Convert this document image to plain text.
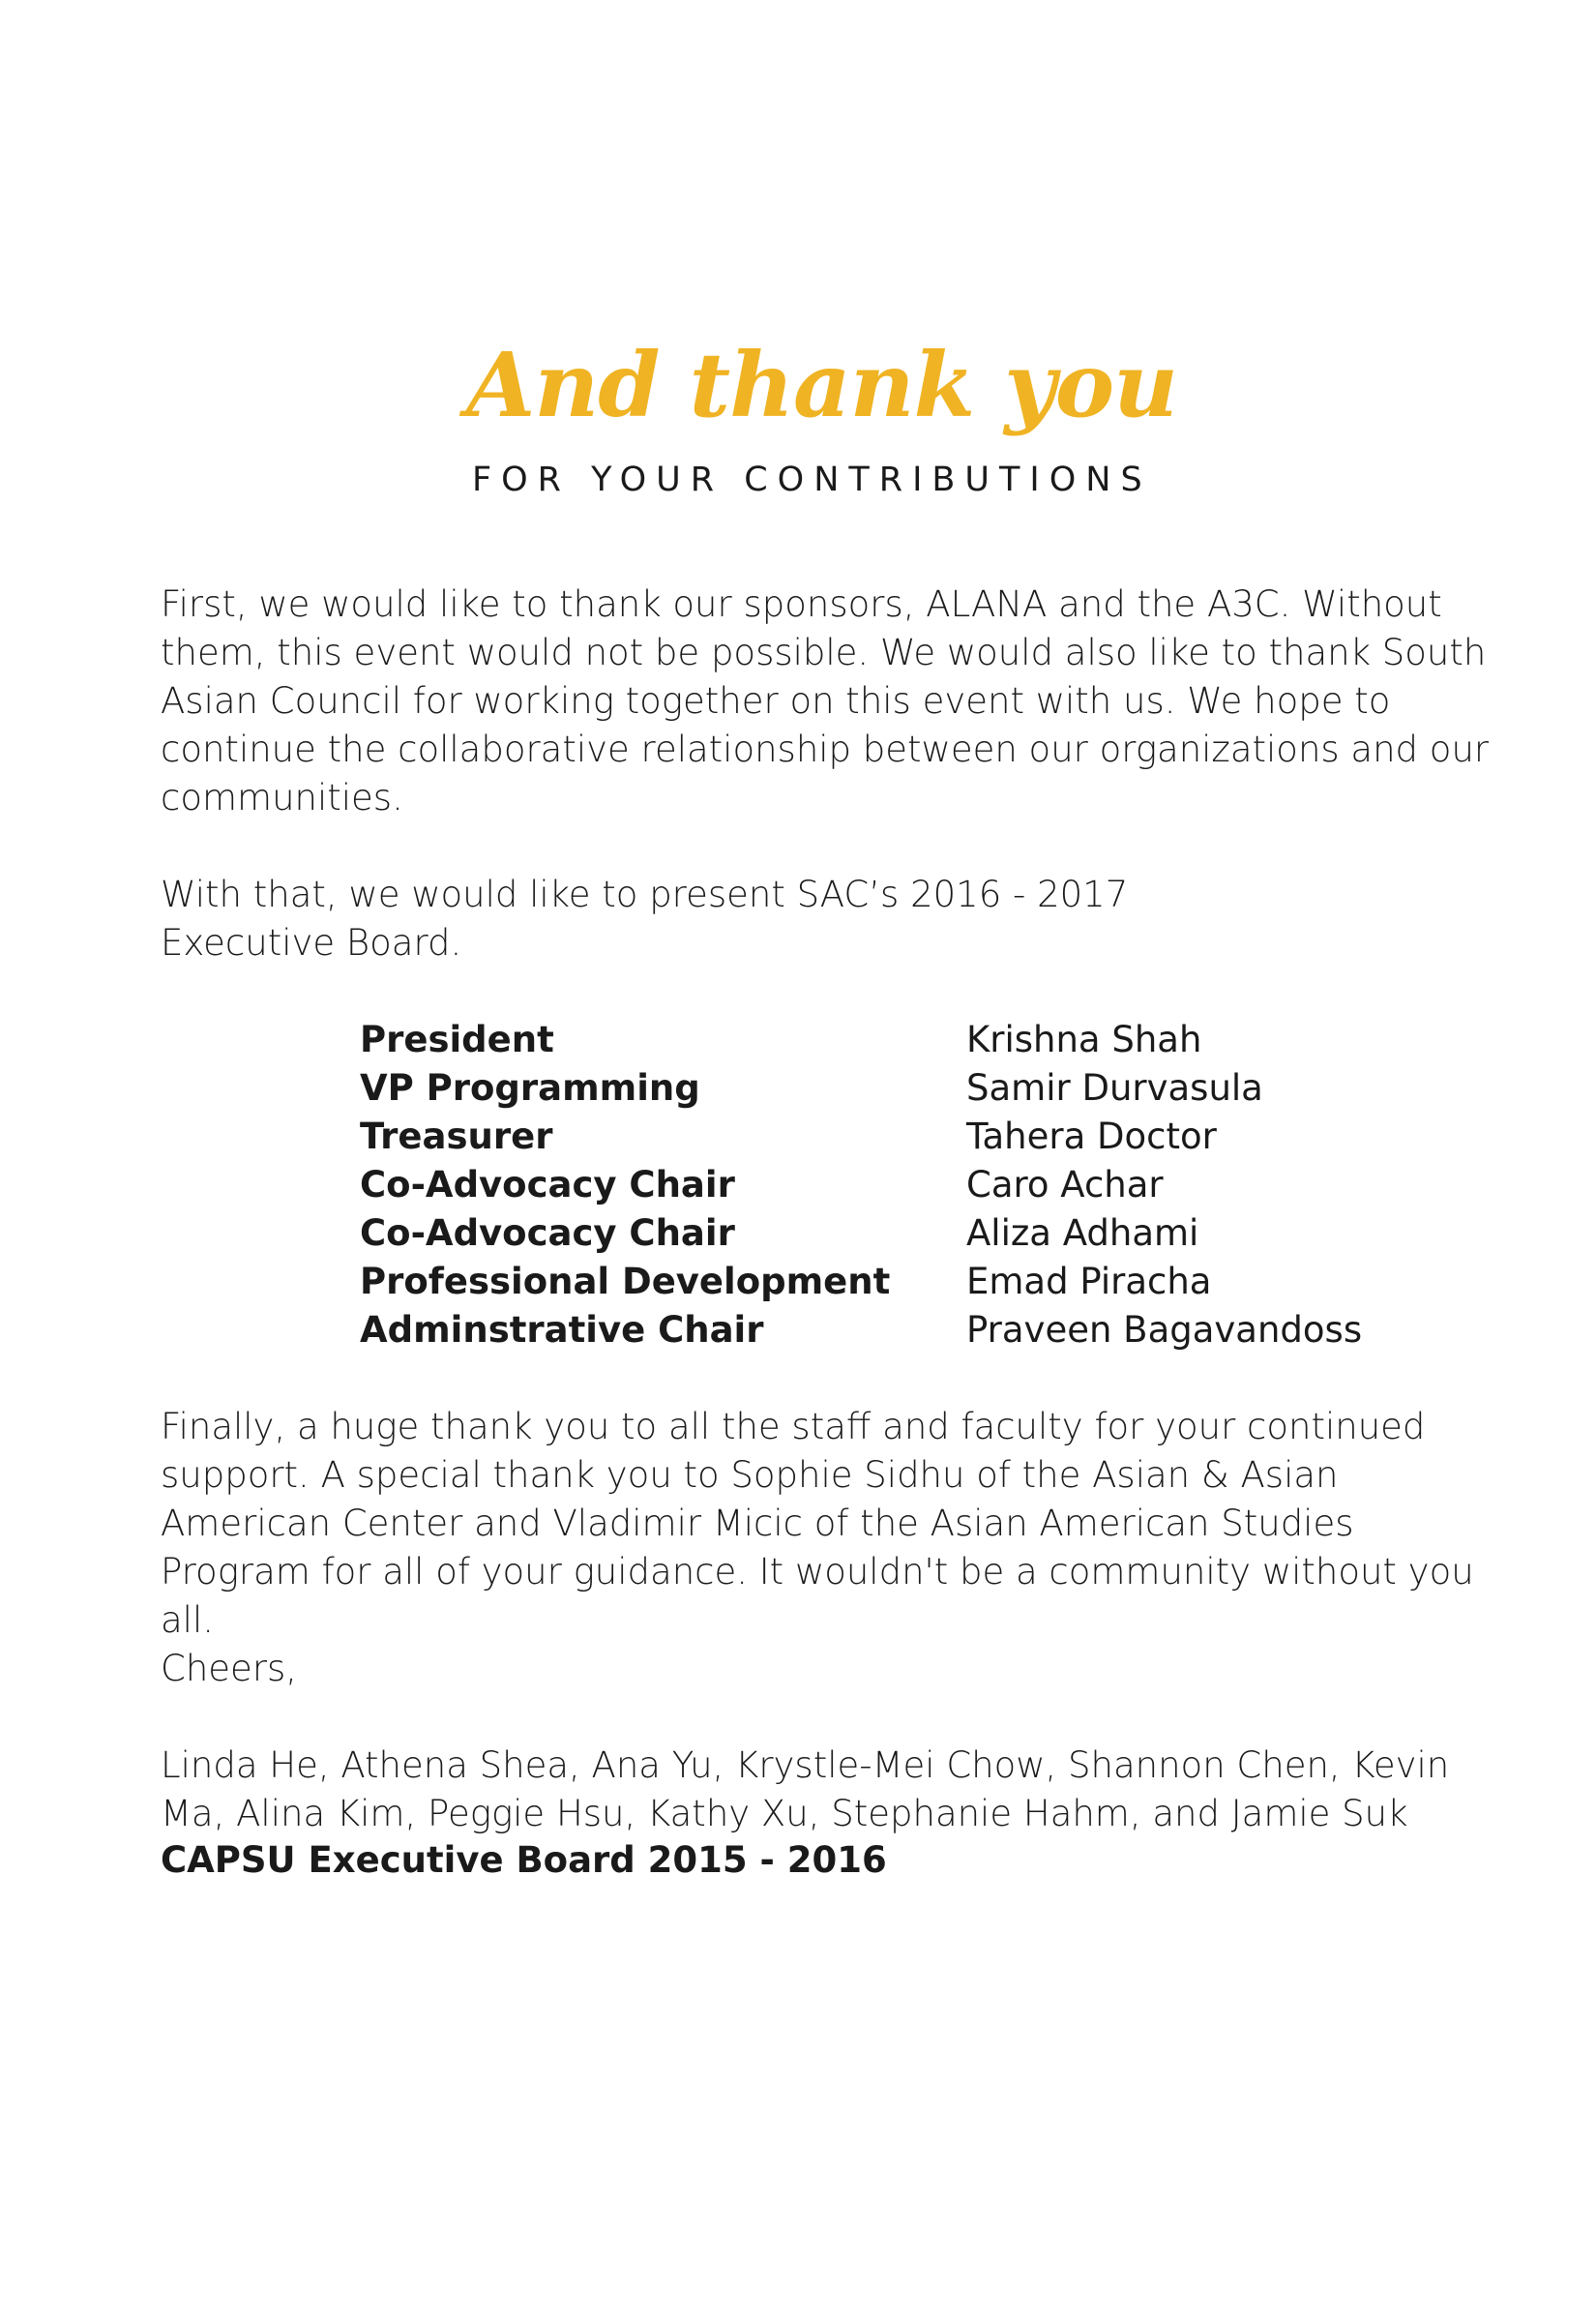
And thank you
FOR YOUR CONTRIBUTIONS

First, we would like to thank our sponsors, ALANA and the A3C. Without them, this event would not be possible. We would also like to thank South Asian Council for working together on this event with us. We hope to continue the collaborative relationship between our organizations and our communities.

With that, we would like to present SAC’s 2016 - 2017 Executive Board.

President	Krishna Shah
VP Programming	Samir Durvasula
Treasurer	Tahera Doctor
Co-Advocacy Chair	Caro Achar
Co-Advocacy Chair	Aliza Adhami
Professional Development	Emad Piracha
Adminstrative Chair	Praveen Bagavandoss

Finally, a huge thank you to all the staff and faculty for your continued support. A special thank you to Sophie Sidhu of the Asian & Asian American Center and Vladimir Micic of the Asian American Studies Program for all of your guidance. It wouldn't be a community without you all.

Cheers,

Linda He, Athena Shea, Ana Yu, Krystle-Mei Chow, Shannon Chen, Kevin Ma, Alina Kim, Peggie Hsu, Kathy Xu, Stephanie Hahm, and Jamie Suk

CAPSU Executive Board 2015 - 2016
